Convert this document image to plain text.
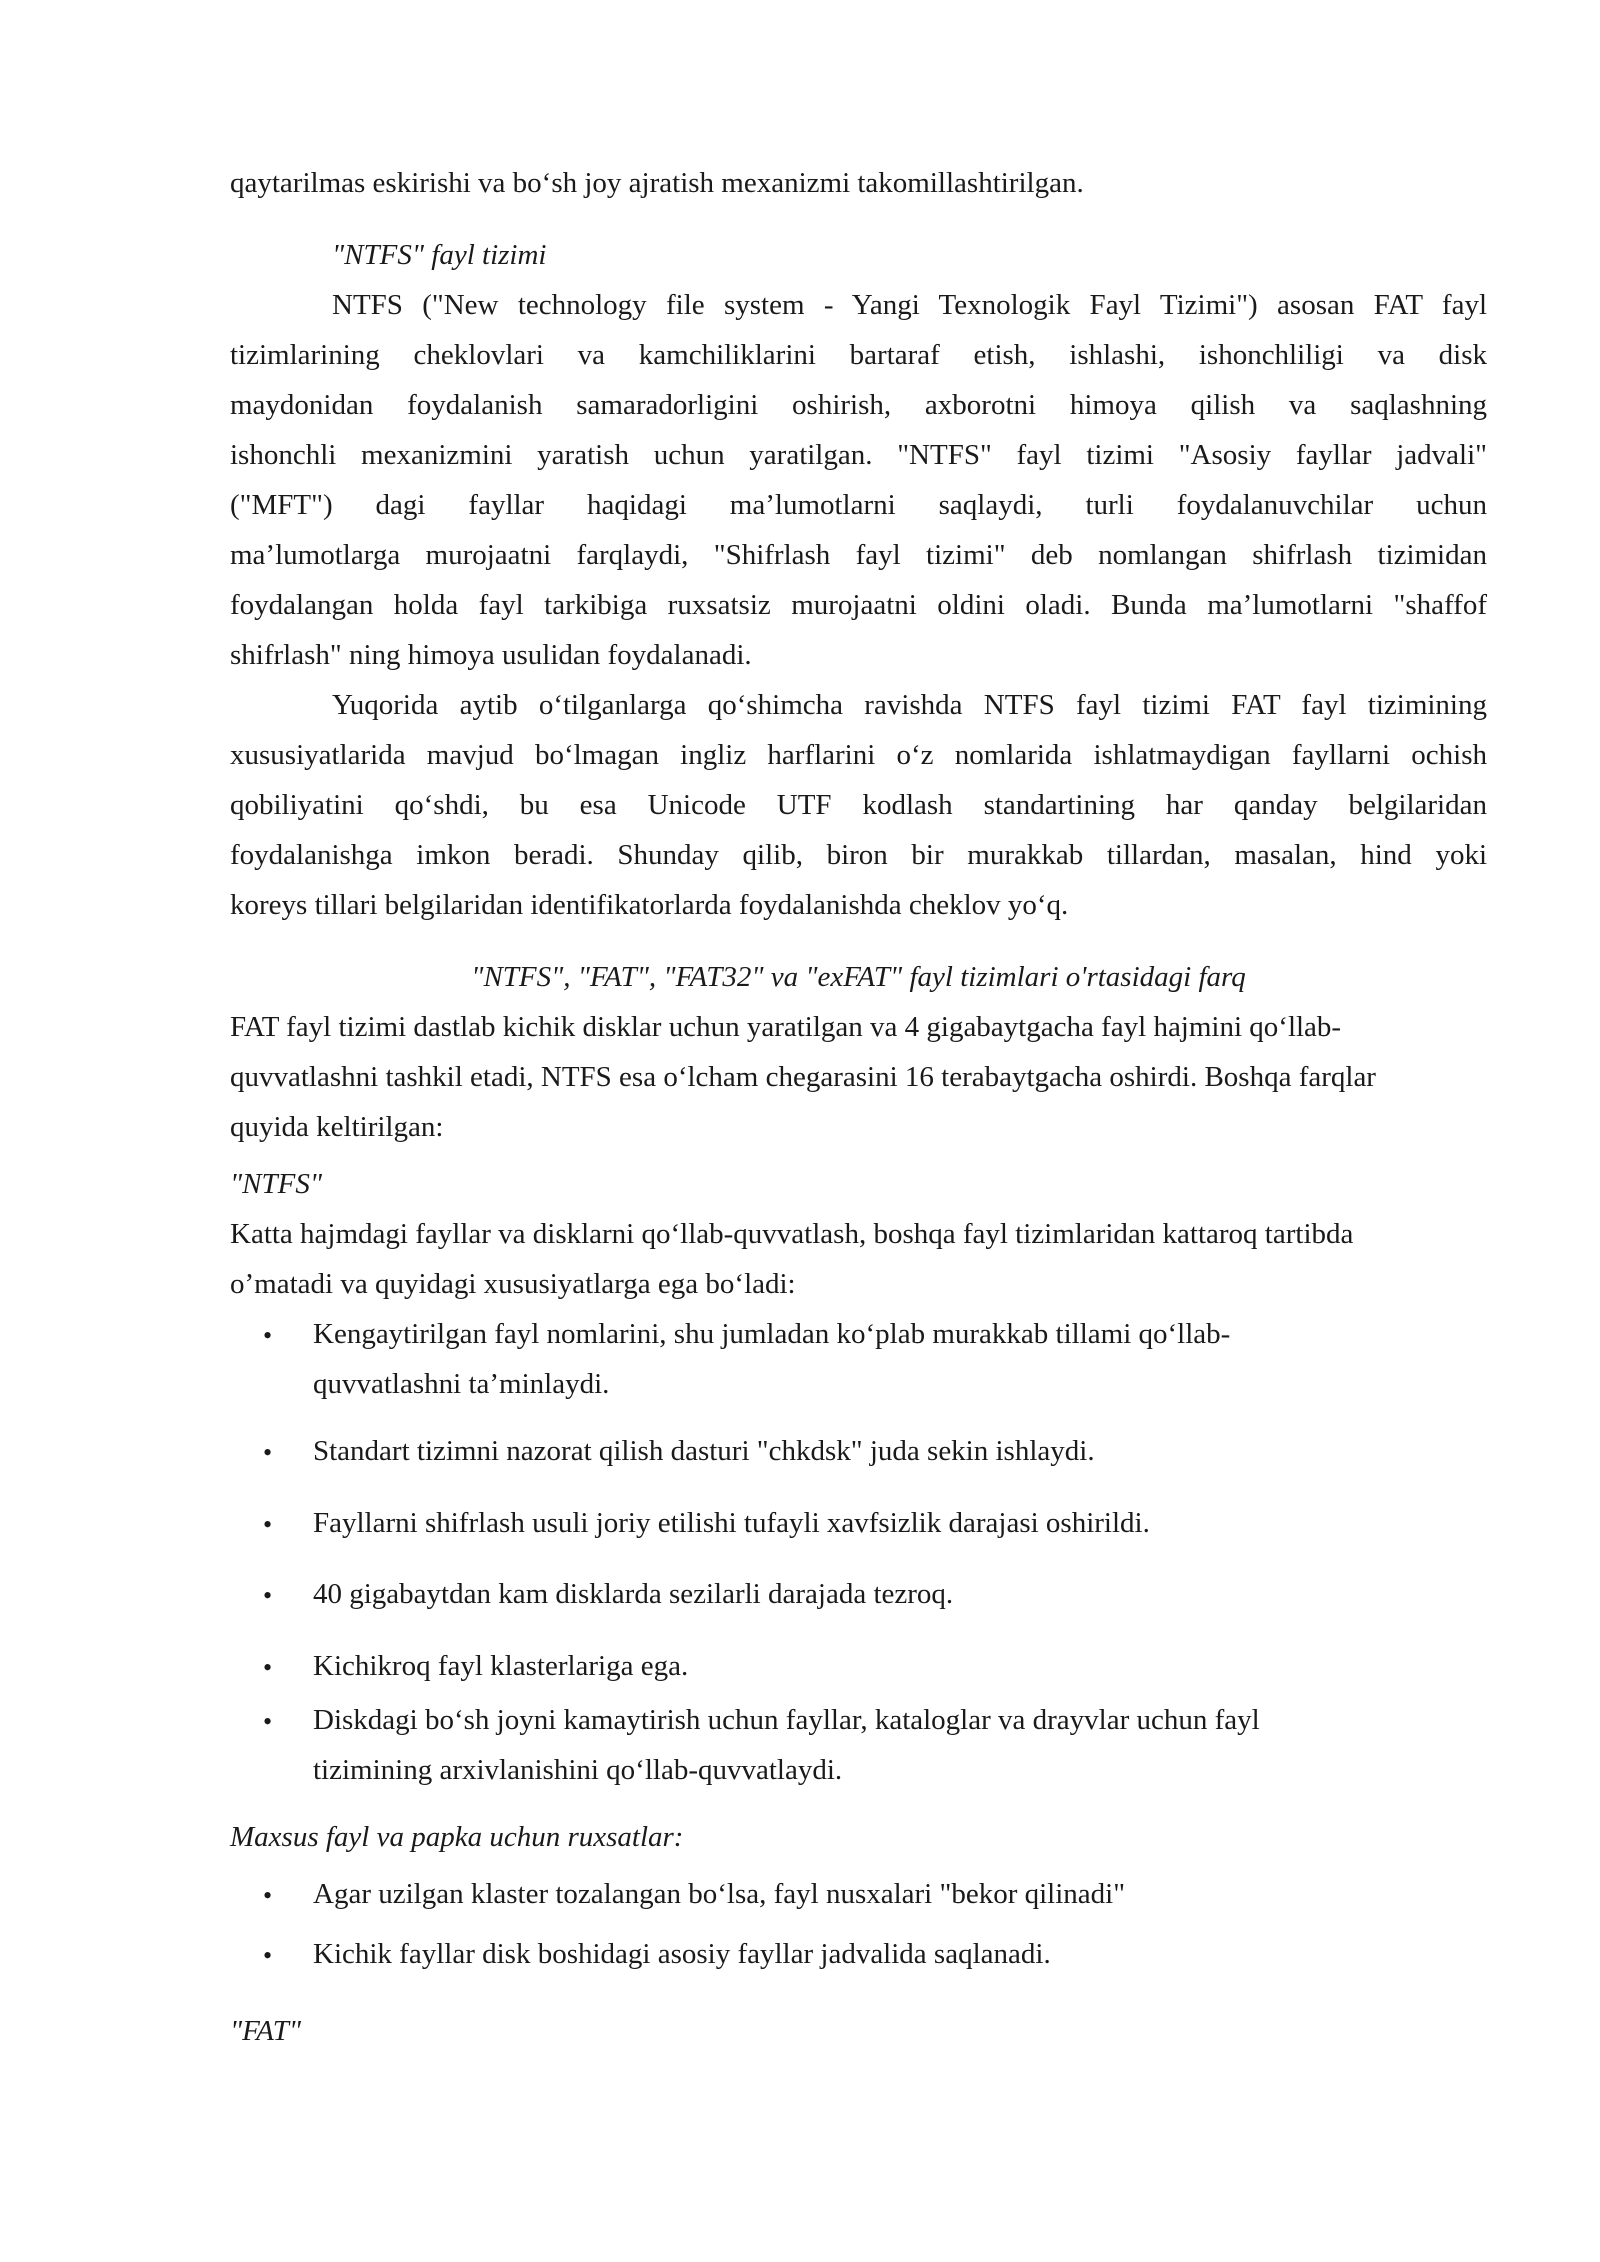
qaytarilmas eskirishi va bo‘sh joy ajratish mexanizmi takomillashtirilgan.
"NTFS" fayl tizimi
NTFS ("New technology file system - Yangi Texnologik Fayl Tizimi") asosan FAT fayl
tizimlarining cheklovlari va kamchiliklarini bartaraf etish, ishlashi, ishonchliligi va disk
maydonidan foydalanish samaradorligini oshirish, axborotni himoya qilish va saqlashning
ishonchli mexanizmini yaratish uchun yaratilgan. "NTFS" fayl tizimi "Asosiy fayllar jadvali"
("MFT") dagi fayllar haqidagi ma’lumotlarni saqlaydi, turli foydalanuvchilar uchun
ma’lumotlarga murojaatni farqlaydi, "Shifrlash fayl tizimi" deb nomlangan shifrlash tizimidan
foydalangan holda fayl tarkibiga ruxsatsiz murojaatni oldini oladi. Bunda ma’lumotlarni "shaffof
shifrlash" ning himoya usulidan foydalanadi.
Yuqorida aytib o‘tilganlarga qo‘shimcha ravishda NTFS fayl tizimi FAT fayl tizimining
xususiyatlarida mavjud bo‘lmagan ingliz harflarini o‘z nomlarida ishlatmaydigan fayllarni ochish
qobiliyatini qo‘shdi, bu esa Unicode UTF kodlash standartining har qanday belgilaridan
foydalanishga imkon beradi. Shunday qilib, biron bir murakkab tillardan, masalan, hind yoki
koreys tillari belgilaridan identifikatorlarda foydalanishda cheklov yo‘q.
"NTFS", "FAT", "FAT32" va "exFAT" fayl tizimlari o'rtasidagi farq
FAT fayl tizimi dastlab kichik disklar uchun yaratilgan va 4 gigabaytgacha fayl hajmini qo‘llab-
quvvatlashni tashkil etadi, NTFS esa o‘lcham chegarasini 16 terabaytgacha oshirdi. Boshqa farqlar
quyida keltirilgan:
"NTFS"
Katta hajmdagi fayllar va disklarni qo‘llab-quvvatlash, boshqa fayl tizimlaridan kattaroq tartibda
o’matadi va quyidagi xususiyatlarga ega bo‘ladi:
• Kengaytirilgan fayl nomlarini, shu jumladan ko‘plab murakkab tillami qo‘llab-
quvvatlashni ta’minlaydi.
• Standart tizimni nazorat qilish dasturi "chkdsk" juda sekin ishlaydi.
• Fayllarni shifrlash usuli joriy etilishi tufayli xavfsizlik darajasi oshirildi.
• 40 gigabaytdan kam disklarda sezilarli darajada tezroq.
• Kichikroq fayl klasterlariga ega.
• Diskdagi bo‘sh joyni kamaytirish uchun fayllar, kataloglar va drayvlar uchun fayl
tizimining arxivlanishini qo‘llab-quvvatlaydi.
Maxsus fayl va papka uchun ruxsatlar:
• Agar uzilgan klaster tozalangan bo‘lsa, fayl nusxalari "bekor qilinadi"
• Kichik fayllar disk boshidagi asosiy fayllar jadvalida saqlanadi.
"FAT"
